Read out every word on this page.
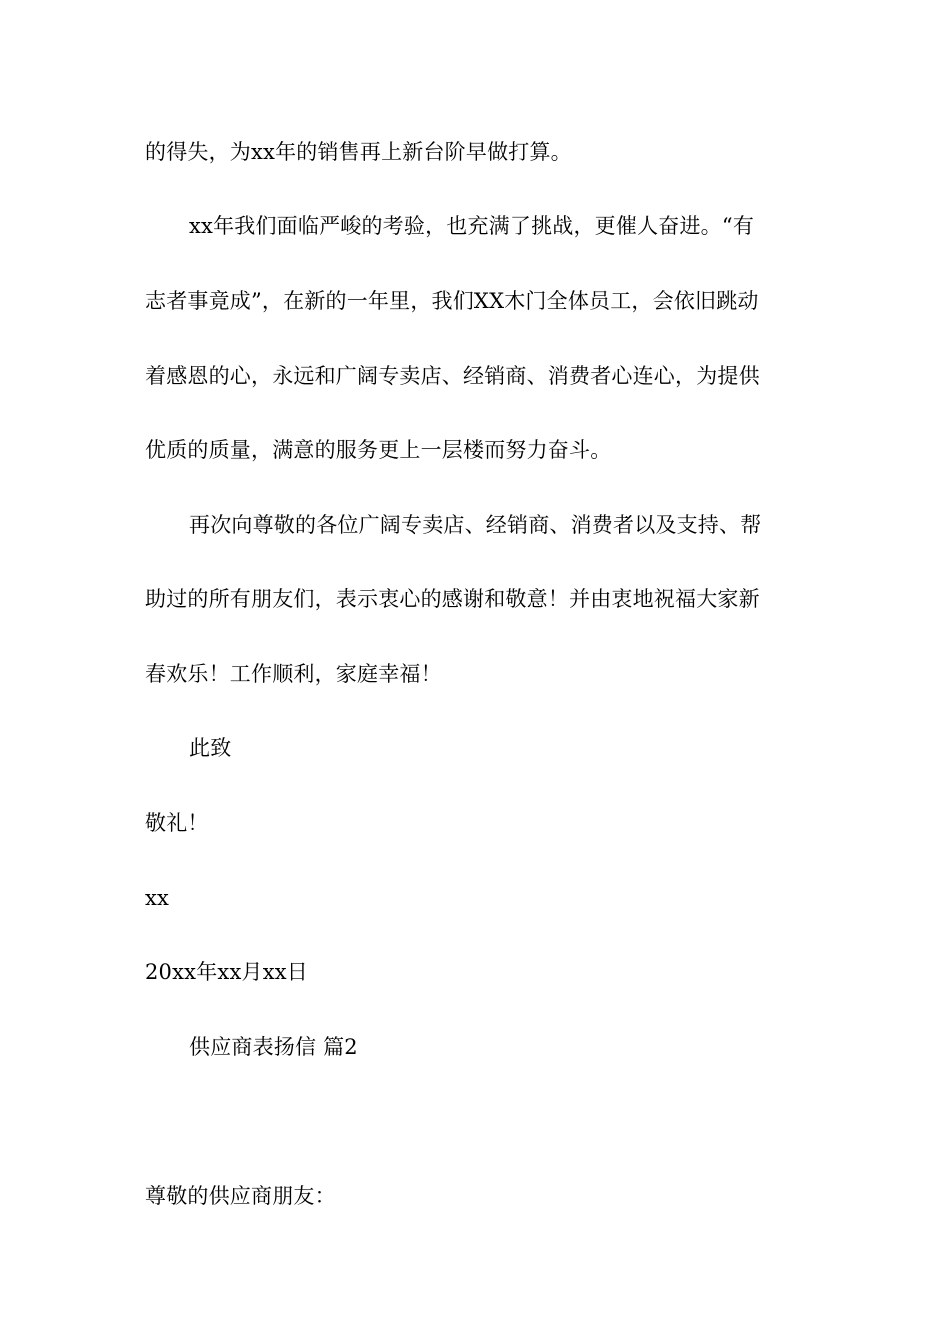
的得失，为xx年的销售再上新台阶早做打算。
xx年我们面临严峻的考验，也充满了挑战，更催人奋进。“有
志者事竟成”，在新的一年里，我们XX木门全体员工，会依旧跳动
着感恩的心，永远和广阔专卖店、经销商、消费者心连心，为提供
优质的质量，满意的服务更上一层楼而努力奋斗。
再次向尊敬的各位广阔专卖店、经销商、消费者以及支持、帮
助过的所有朋友们，表示衷心的感谢和敬意！并由衷地祝福大家新
春欢乐！工作顺利，家庭幸福！
此致
敬礼！
xx
20xx年xx月xx日
供应商表扬信 篇2
尊敬的供应商朋友：
